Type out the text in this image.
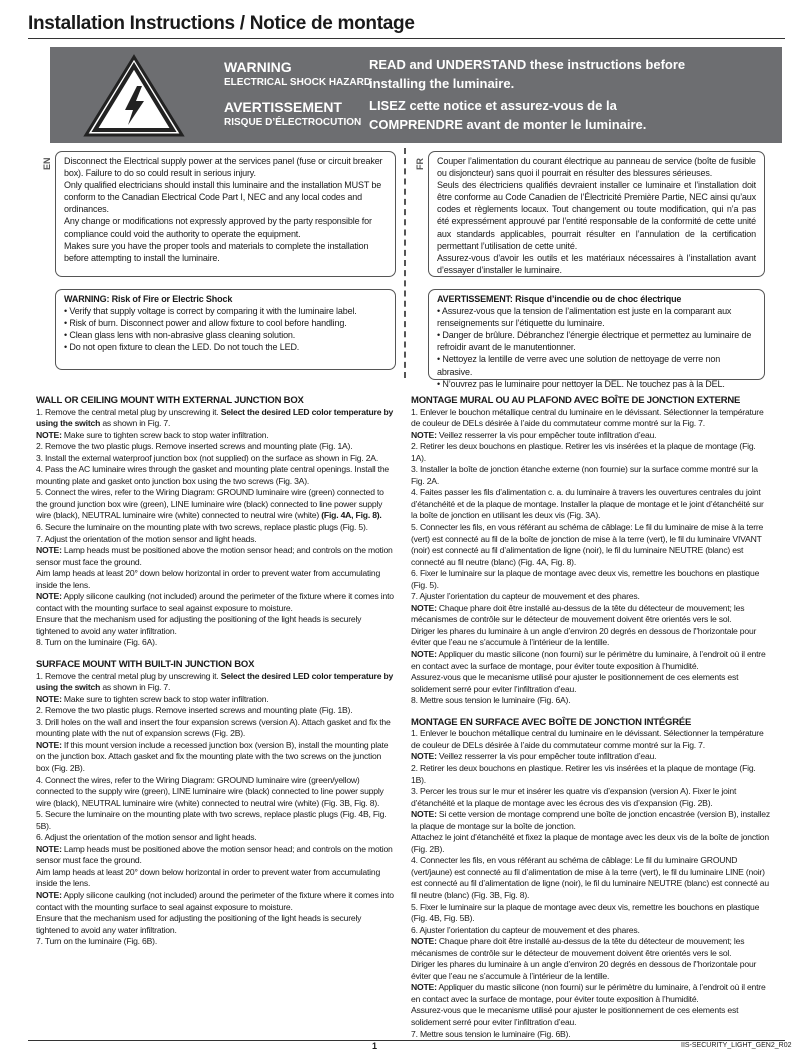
Installation Instructions / Notice de montage
WARNING
ELECTRICAL SHOCK HAZARD
AVERTISSEMENT
RISQUE D’ÉLECTROCUTION
READ and UNDERSTAND these instructions before installing the luminaire.
LISEZ cette notice et assurez-vous de la COMPRENDRE avant de monter le luminaire.
EN	FR

Disconnect the Electrical supply power at the services panel (fuse or circuit breaker box). Failure to do so could result in serious injury.

Only qualified electricians should install this luminaire and the installation MUST be conform to the Canadian Electrical Code Part I, NEC and any local codes and ordinances.

Any change or modifications not expressly approved by the party responsible for compliance could void the authority to operate the equipment.

Makes sure you have the proper tools and materials to complete the installation before attempting to install the luminaire.

WARNING: Risk of Fire or Electric Shock

• Verify that supply voltage is correct by comparing it with the luminaire label.

• Risk of burn. Disconnect power and allow fixture to cool before handling.

• Clean glass lens with non-abrasive glass cleaning solution.

• Do not open fixture to clean the LED. Do not touch the LED.

Couper l’alimentation du courant électrique au panneau de service (boîte de fusible ou disjoncteur) sans quoi il pourrait en résulter des blessures sérieuses.

Seuls des électriciens qualifiés devraient installer ce luminaire et l’installation doit être conforme au Code Canadien de l’Électricité Première Partie, NEC ainsi qu’aux codes et règlements locaux. Tout changement ou toute modification, qui n’a pas été expressément approuvé par l’entité responsable de la conformité de cette unité aux standards applicables, pourrait résulter en l’annulation de la certification permettant l’utilisation de cette unité.

Assurez-vous d’avoir les outils et les matériaux nécessaires à l’installation avant d’essayer d’installer le luminaire.

AVERTISSEMENT: Risque d’incendie ou de choc électrique

• Assurez-vous que la tension de l’alimentation est juste en la comparant aux renseignements sur l’étiquette du luminaire.

• Danger de brûlure. Débranchez l’énergie électrique et permettez au luminaire de refroidir avant de le manutentionner.

• Nettoyez la lentille de verre avec une solution de nettoyage de verre non abrasive.

• N’ouvrez pas le luminaire pour nettoyer la DEL. Ne touchez pas à la DEL.

WALL OR CEILING MOUNT WITH EXTERNAL JUNCTION BOX

1. Remove the central metal plug by unscrewing it. Select the desired LED color temperature by using the switch as shown in Fig. 7.

NOTE: Make sure to tighten screw back to stop water infiltration.

2. Remove the two plastic plugs. Remove inserted screws and mounting plate (Fig. 1A).

3. Install the external waterproof junction box (not supplied) on the surface as shown in Fig. 2A.

4. Pass the AC luminaire wires through the gasket and mounting plate central openings. Install the mounting plate and gasket onto junction box using the two screws (Fig. 3A).

5. Connect the wires, refer to the Wiring Diagram: GROUND luminaire wire (green) connected to the ground junction box wire (green), LINE luminaire wire (black) connected to line power supply wire (black), NEUTRAL luminaire wire (white) connected to neutral wire (white) (Fig. 4A, Fig. 8).

6. Secure the luminaire on the mounting plate with two screws, replace plastic plugs (Fig. 5).

7. Adjust the orientation of the motion sensor and light heads.

NOTE: Lamp heads must be positioned above the motion sensor head; and controls on the motion sensor must face the ground.

Aim lamp heads at least 20° down below horizontal in order to prevent water from accumulating inside the lens.

NOTE: Apply silicone caulking (not included) around the perimeter of the fixture where it comes into contact with the mounting surface to seal against exposure to moisture.

Ensure that the mechanism used for adjusting the positioning of the light heads is securely tightened to avoid any water infiltration.

8. Turn on the luminaire (Fig. 6A).

SURFACE MOUNT WITH BUILT-IN JUNCTION BOX

1. Remove the central metal plug by unscrewing it. Select the desired LED color temperature by using the switch as shown in Fig. 7.

NOTE: Make sure to tighten screw back to stop water infiltration.

2. Remove the two plastic plugs. Remove inserted screws and mounting plate (Fig. 1B).

3. Drill holes on the wall and insert the four expansion screws (version A). Attach gasket and fix the mounting plate with the nut of expansion screws (Fig. 2B).

NOTE: If this mount version include a recessed junction box (version B), install the mounting plate on the junction box. Attach gasket and fix the mounting plate with the two screws on the junction box (Fig. 2B).

4. Connect the wires, refer to the Wiring Diagram: GROUND luminaire wire (green/yellow) connected to the supply wire (green), LINE luminaire wire (black) connected to line power supply wire (black), NEUTRAL luminaire wire (white) connected to neutral wire (white) (Fig. 3B, Fig. 8).

5. Secure the luminaire on the mounting plate with two screws, replace plastic plugs (Fig. 4B, Fig. 5B).

6. Adjust the orientation of the motion sensor and light heads.

NOTE: Lamp heads must be positioned above the motion sensor head; and controls on the motion sensor must face the ground.

Aim lamp heads at least 20° down below horizontal in order to prevent water from accumulating inside the lens.

NOTE: Apply silicone caulking (not included) around the perimeter of the fixture where it comes into contact with the mounting surface to seal against exposure to moisture.

Ensure that the mechanism used for adjusting the positioning of the light heads is securely tightened to avoid any water infiltration.

7. Turn on the luminaire (Fig. 6B).

MONTAGE MURAL OU AU PLAFOND AVEC BOÎTE DE JONCTION EXTERNE

1. Enlever le bouchon métallique central du luminaire en le dévissant. Sélectionner la température de couleur de DELs désirée à l’aide du commutateur comme montré sur la Fig. 7.

NOTE: Veillez resserrer la vis pour empêcher toute infiltration d’eau.

2. Retirer les deux bouchons en plastique. Retirer les vis insérées et la plaque de montage (Fig. 1A).

3. Installer la boîte de jonction étanche externe (non fournie) sur la surface comme montré sur la Fig. 2A.

4. Faites passer les fils d’alimentation c. a. du luminaire à travers les ouvertures centrales du joint d’étanchéité et de la plaque de montage. Installer la plaque de montage et le joint d’étanchéité sur la boîte de jonction en utilisant les deux vis (Fig. 3A).

5. Connecter les fils, en vous référant au schéma de câblage: Le fil du luminaire de mise à la terre (vert) est connecté au fil de la boîte de jonction de mise à la terre (vert), le fil du luminaire VIVANT (noir) est connecté au fil d’alimentation de ligne (noir), le fil du luminaire NEUTRE (blanc) est connecté au fil neutre (blanc) (Fig. 4A, Fig. 8).

6. Fixer le luminaire sur la plaque de montage avec deux vis, remettre les bouchons en plastique (Fig. 5).

7. Ajuster l’orientation du capteur de mouvement et des phares.

NOTE: Chaque phare doit être installé au-dessus de la tête du détecteur de mouvement; les mécanismes de contrôle sur le détecteur de mouvement doivent être orientés vers le sol.

Diriger les phares du luminaire à un angle d’environ 20 degrés en dessous de l"horizontale pour éviter que l’eau ne s’accumule à l’intérieur de la lentille.

NOTE: Appliquer du mastic silicone (non fourni) sur le périmètre du luminaire, à l’endroit où il entre en contact avec la surface de montage, pour éviter toute exposition à l’humidité.

Assurez-vous que le mecanisme utilisé pour ajuster le positionnement de ces elements est solidement serré pour eviter l’infiltration d’eau.

8. Mettre sous tension le luminaire (Fig. 6A).

MONTAGE EN SURFACE AVEC BOÎTE DE JONCTION INTÉGRÉE

1. Enlever le bouchon métallique central du luminaire en le dévissant. Sélectionner la température de couleur de DELs désirée à l’aide du commutateur comme montré sur la Fig. 7.

NOTE: Veillez resserrer la vis pour empêcher toute infiltration d’eau.

2. Retirer les deux bouchons en plastique. Retirer les vis insérées et la plaque de montage (Fig. 1B).

3. Percer les trous sur le mur et insérer les quatre vis d’expansion (version A). Fixer le joint d’étanchéité et la plaque de montage avec les écrous des vis d’expansion (Fig. 2B).

NOTE: Si cette version de montage comprend une boîte de jonction encastrée (version B), installez la plaque de montage sur la boîte de jonction.

Attachez le joint d’étanchéité et fixez la plaque de montage avec les deux vis de la boîte de jonction (Fig. 2B).

4. Connecter les fils, en vous référant au schéma de câblage: Le fil du luminaire GROUND (vert/jaune) est connecté au fil d’alimentation de mise à la terre (vert), le fil du luminaire LINE (noir) est connecté au fil d’alimentation de ligne (noir), le fil du luminaire NEUTRE (blanc) est connecté au fil neutre (blanc) (Fig. 3B, Fig. 8).

5. Fixer le luminaire sur la plaque de montage avec deux vis, remettre les bouchons en plastique (Fig. 4B, Fig. 5B).

6. Ajuster l’orientation du capteur de mouvement et des phares.

NOTE: Chaque phare doit être installé au-dessus de la tête du détecteur de mouvement; les mécanismes de contrôle sur le détecteur de mouvement doivent être orientés vers le sol.

Diriger les phares du luminaire à un angle d’environ 20 degrés en dessous de l"horizontale pour éviter que l’eau ne s’accumule à l’intérieur de la lentille.

NOTE: Appliquer du mastic silicone (non fourni) sur le périmètre du luminaire, à l’endroit où il entre en contact avec la surface de montage, pour éviter toute exposition à l’humidité.

Assurez-vous que le mecanisme utilisé pour ajuster le positionnement de ces elements est solidement serré pour eviter l’infiltration d’eau.

7. Mettre sous tension le luminaire (Fig. 6B).

1	IIS-SECURITY_LIGHT_GEN2_R02
